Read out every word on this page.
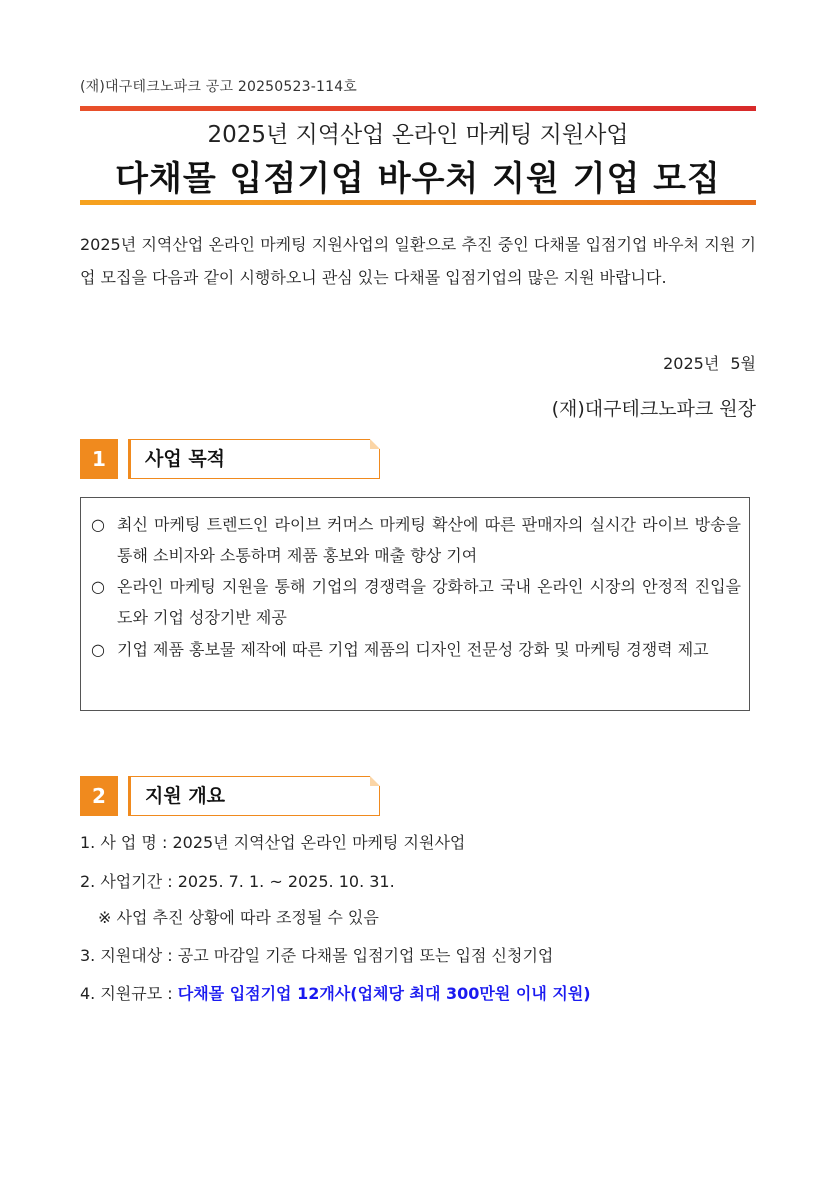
(재)대구테크노파크 공고 20250523-114호
2025년 지역산업 온라인 마케팅 지원사업
다채몰 입점기업 바우처 지원 기업 모집
2025년 지역산업 온라인 마케팅 지원사업의 일환으로 추진 중인 다채몰 입점기업 바우처 지원 기업 모집을 다음과 같이 시행하오니 관심 있는 다채몰 입점기업의 많은 지원 바랍니다.
2025년 5월
(재)대구테크노파크 원장
1	사업 목적
○ 최신 마케팅 트렌드인 라이브 커머스 마케팅 확산에 따른 판매자의 실시간 라이브 방송을 통해 소비자와 소통하며 제품 홍보와 매출 향상 기여
○ 온라인 마케팅 지원을 통해 기업의 경쟁력을 강화하고 국내 온라인 시장의 안정적 진입을 도와 기업 성장기반 제공
○ 기업 제품 홍보물 제작에 따른 기업 제품의 디자인 전문성 강화 및 마케팅 경쟁력 제고
2	지원 개요
1. 사 업 명 : 2025년 지역산업 온라인 마케팅 지원사업
2. 사업기간 : 2025. 7. 1. ~ 2025. 10. 31.
※ 사업 추진 상황에 따라 조정될 수 있음
3. 지원대상 : 공고 마감일 기준 다채몰 입점기업 또는 입점 신청기업
4. 지원규모 : 다채몰 입점기업 12개사(업체당 최대 300만원 이내 지원)
